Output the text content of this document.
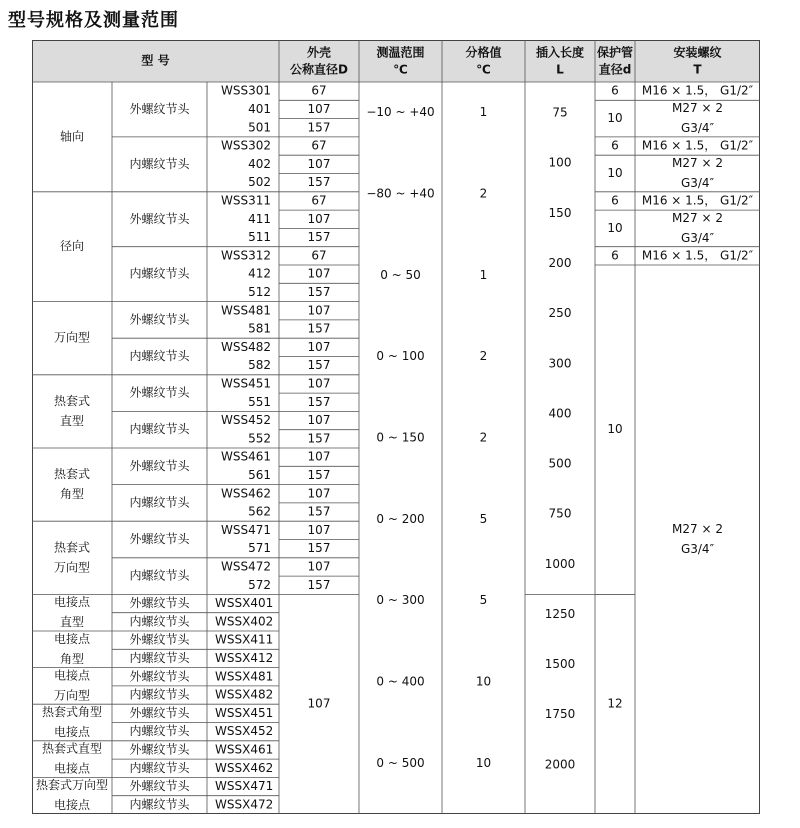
型号规格及测量范围
型 号
外壳
公称直径D
测温范围
℃
分格值
℃
插入长度
L
保护管
直径d
安装螺纹
T
轴向
径向
万向型
热套式
直型
热套式
角型
热套式
万向型
电接点
直型
电接点
角型
电接点
万向型
热套式角型
电接点
热套式直型
电接点
热套式万向型
电接点
外螺纹节头
内螺纹节头
外螺纹节头
内螺纹节头
外螺纹节头
内螺纹节头
外螺纹节头
内螺纹节头
外螺纹节头
内螺纹节头
外螺纹节头
内螺纹节头
外螺纹节头
内螺纹节头
外螺纹节头
内螺纹节头
外螺纹节头
内螺纹节头
外螺纹节头
内螺纹节头
外螺纹节头
内螺纹节头
外螺纹节头
内螺纹节头
WSS301
401
501
67
107
157
WSS302
402
502
67
107
157
WSS311
411
511
67
107
157
WSS312
412
512
67
107
157
WSS481
581
107
157
WSS482
582
107
157
WSS451
551
107
157
WSS452
552
107
157
WSS461
561
107
157
WSS462
562
107
157
WSS471
571
107
157
WSS472
572
107
157
WSSX401
WSSX402
WSSX411
WSSX412
WSSX481
WSSX482
WSSX451
WSSX452
WSSX461
WSSX462
WSSX471
WSSX472
107
−10 ~ +40
−80 ~ +40
0 ~ 50
0 ~ 100
0 ~ 150
0 ~ 200
0 ~ 300
0 ~ 400
0 ~ 500
1
2
1
2
2
5
5
10
10
75
100
150
200
250
300
400
500
750
1000
1250
1500
1750
2000
6
10
6
10
6
10
6
10
12
M16 × 1.5， G1/2″
M27 × 2
G3/4″
M16 × 1.5， G1/2″
M27 × 2
G3/4″
M16 × 1.5， G1/2″
M27 × 2
G3/4″
M16 × 1.5， G1/2″
M27 × 2
G3/4″
